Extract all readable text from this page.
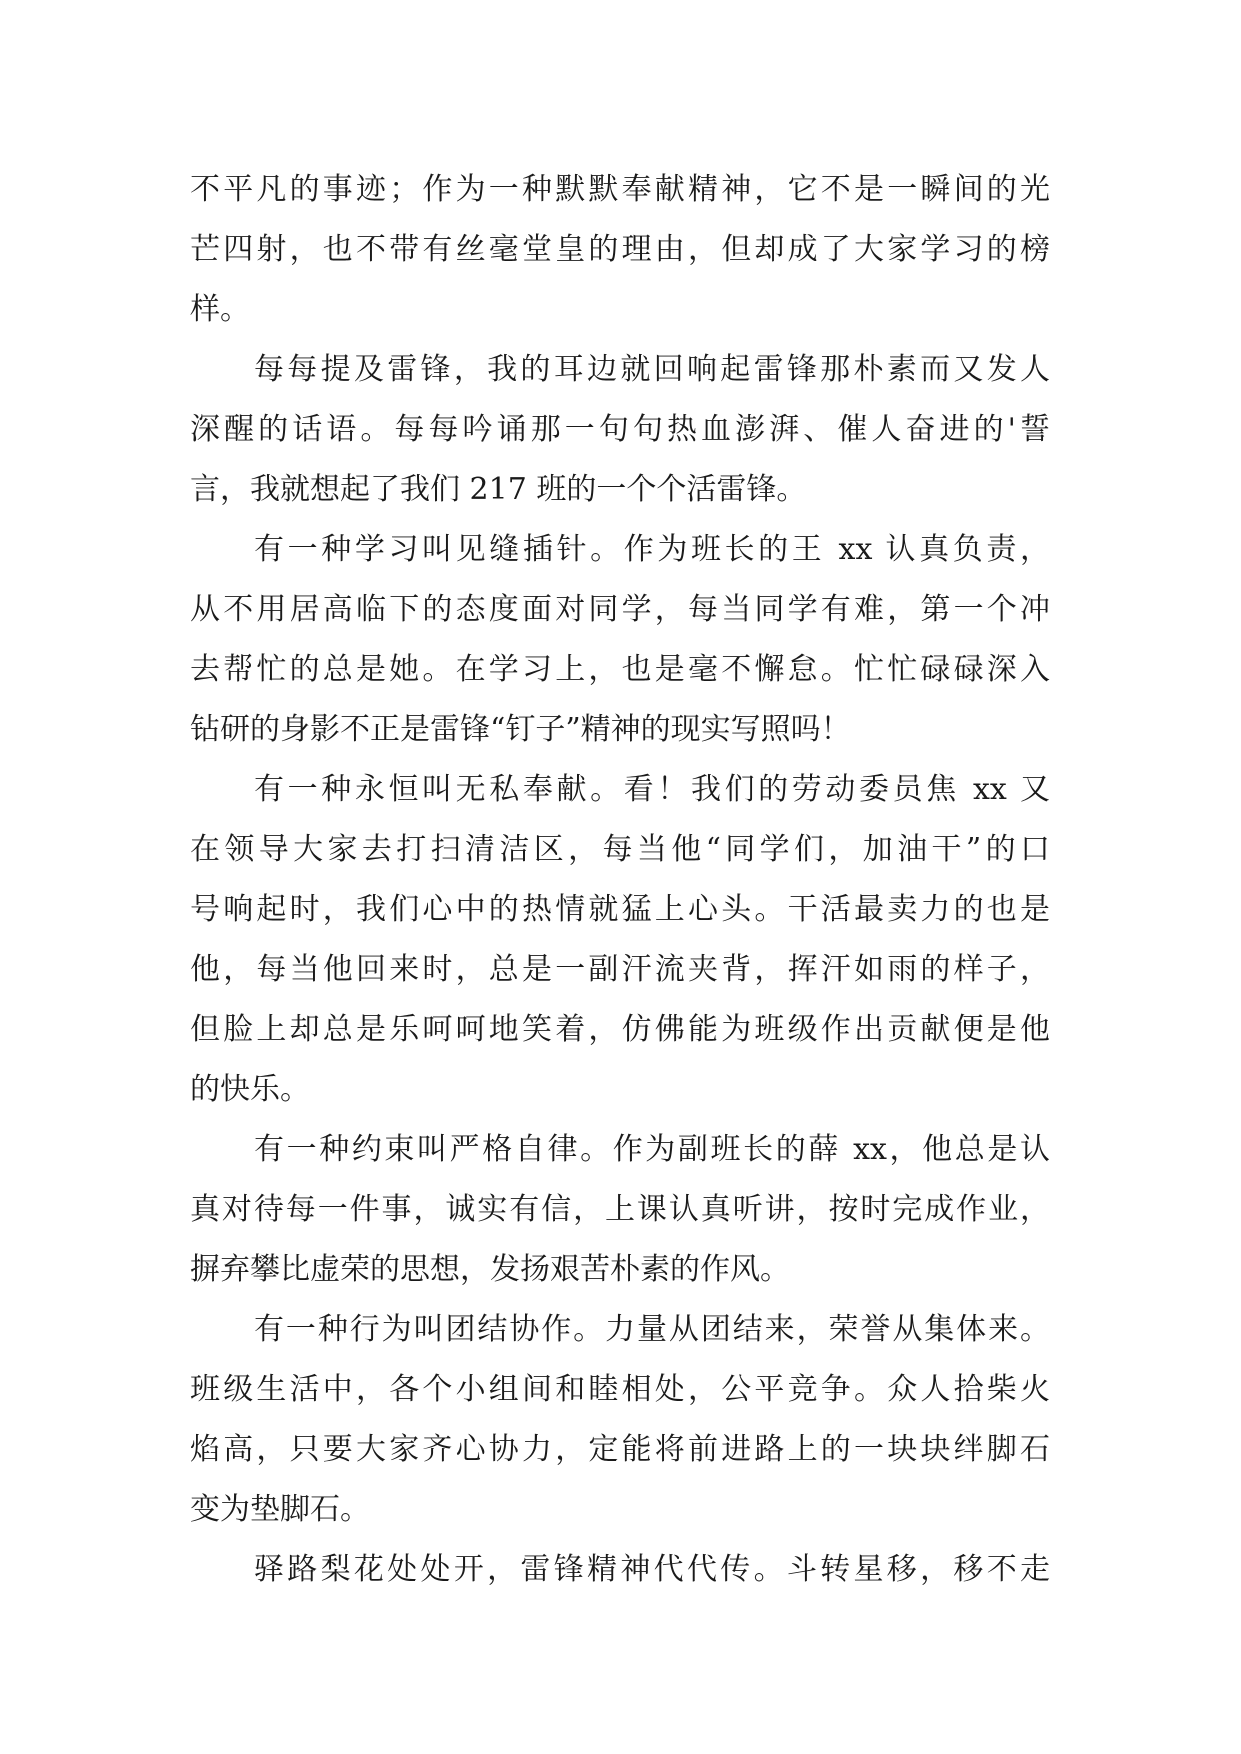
不平凡的事迹；作为一种默默奉献精神，它不是一瞬间的光
芒四射，也不带有丝毫堂皇的理由，但却成了大家学习的榜
样。
每每提及雷锋，我的耳边就回响起雷锋那朴素而又发人
深醒的话语。每每吟诵那一句句热血澎湃、催人奋进的'誓
言，我就想起了我们 217 班的一个个活雷锋。
有一种学习叫见缝插针。作为班长的王 xx 认真负责，
从不用居高临下的态度面对同学，每当同学有难，第一个冲
去帮忙的总是她。在学习上，也是毫不懈怠。忙忙碌碌深入
钻研的身影不正是雷锋“钉子”精神的现实写照吗！
有一种永恒叫无私奉献。看！我们的劳动委员焦 xx 又
在领导大家去打扫清洁区，每当他“同学们，加油干”的口
号响起时，我们心中的热情就猛上心头。干活最卖力的也是
他，每当他回来时，总是一副汗流夹背，挥汗如雨的样子，
但脸上却总是乐呵呵地笑着，仿佛能为班级作出贡献便是他
的快乐。
有一种约束叫严格自律。作为副班长的薛 xx，他总是认
真对待每一件事，诚实有信，上课认真听讲，按时完成作业，
摒弃攀比虚荣的思想，发扬艰苦朴素的作风。
有一种行为叫团结协作。力量从团结来，荣誉从集体来。
班级生活中，各个小组间和睦相处，公平竞争。众人拾柴火
焰高，只要大家齐心协力，定能将前进路上的一块块绊脚石
变为垫脚石。
驿路梨花处处开，雷锋精神代代传。斗转星移，移不走
